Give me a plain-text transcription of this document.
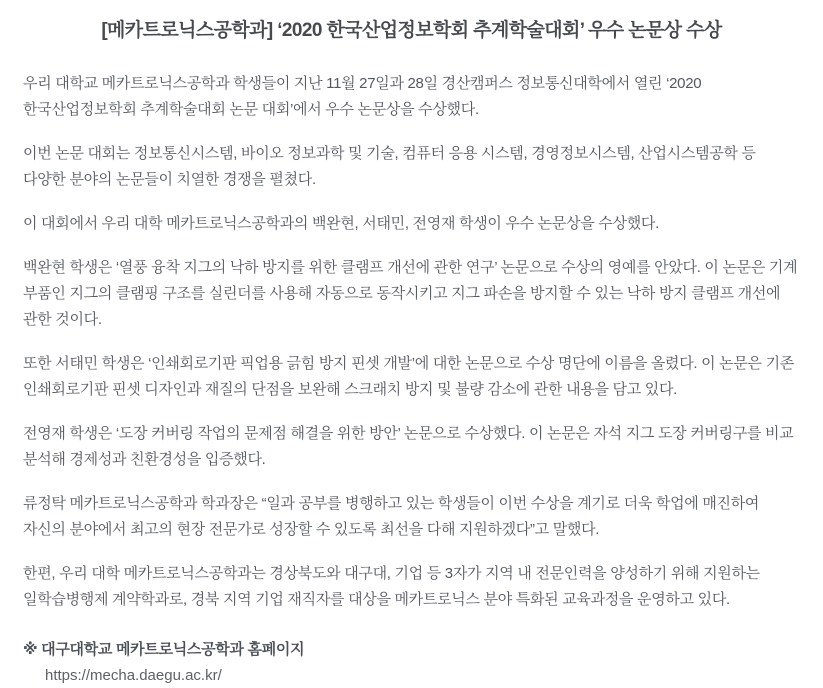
[메카트로닉스공학과] ‘2020 한국산업정보학회 추계학술대회’ 우수 논문상 수상

우리 대학교 메카트로닉스공학과 학생들이 지난 11월 27일과 28일 경산캠퍼스 정보통신대학에서 열린 ‘2020 한국산업정보학회 추계학술대회 논문 대회’에서 우수 논문상을 수상했다.

이번 논문 대회는 정보통신시스템, 바이오 정보과학 및 기술, 컴퓨터 응용 시스템, 경영정보시스템, 산업시스템공학 등 다양한 분야의 논문들이 치열한 경쟁을 펼쳤다.

이 대회에서 우리 대학 메카트로닉스공학과의 백완현, 서태민, 전영재 학생이 우수 논문상을 수상했다.

백완현 학생은 ‘열풍 융착 지그의 낙하 방지를 위한 클램프 개선에 관한 연구’ 논문으로 수상의 영예를 안았다. 이 논문은 기계 부품인 지그의 클램핑 구조를 실린더를 사용해 자동으로 동작시키고 지그 파손을 방지할 수 있는 낙하 방지 클램프 개선에 관한 것이다.

또한 서태민 학생은 ‘인쇄회로기판 픽업용 긁힘 방지 핀셋 개발’에 대한 논문으로 수상 명단에 이름을 올렸다. 이 논문은 기존 인쇄회로기판 핀셋 디자인과 재질의 단점을 보완해 스크래치 방지 및 불량 감소에 관한 내용을 담고 있다.

전영재 학생은 ‘도장 커버링 작업의 문제점 해결을 위한 방안’ 논문으로 수상했다. 이 논문은 자석 지그 도장 커버링구를 비교 분석해 경제성과 친환경성을 입증했다.

류정탁 메카트로닉스공학과 학과장은 “일과 공부를 병행하고 있는 학생들이 이번 수상을 계기로 더욱 학업에 매진하여 자신의 분야에서 최고의 현장 전문가로 성장할 수 있도록 최선을 다해 지원하겠다”고 말했다.

한편, 우리 대학 메카트로닉스공학과는 경상북도와 대구대, 기업 등 3자가 지역 내 전문인력을 양성하기 위해 지원하는 일학습병행제 계약학과로, 경북 지역 기업 재직자를 대상을 메카트로닉스 분야 특화된 교육과정을 운영하고 있다.

※ 대구대학교 메카트로닉스공학과 홈페이지

https://mecha.daegu.ac.kr/
